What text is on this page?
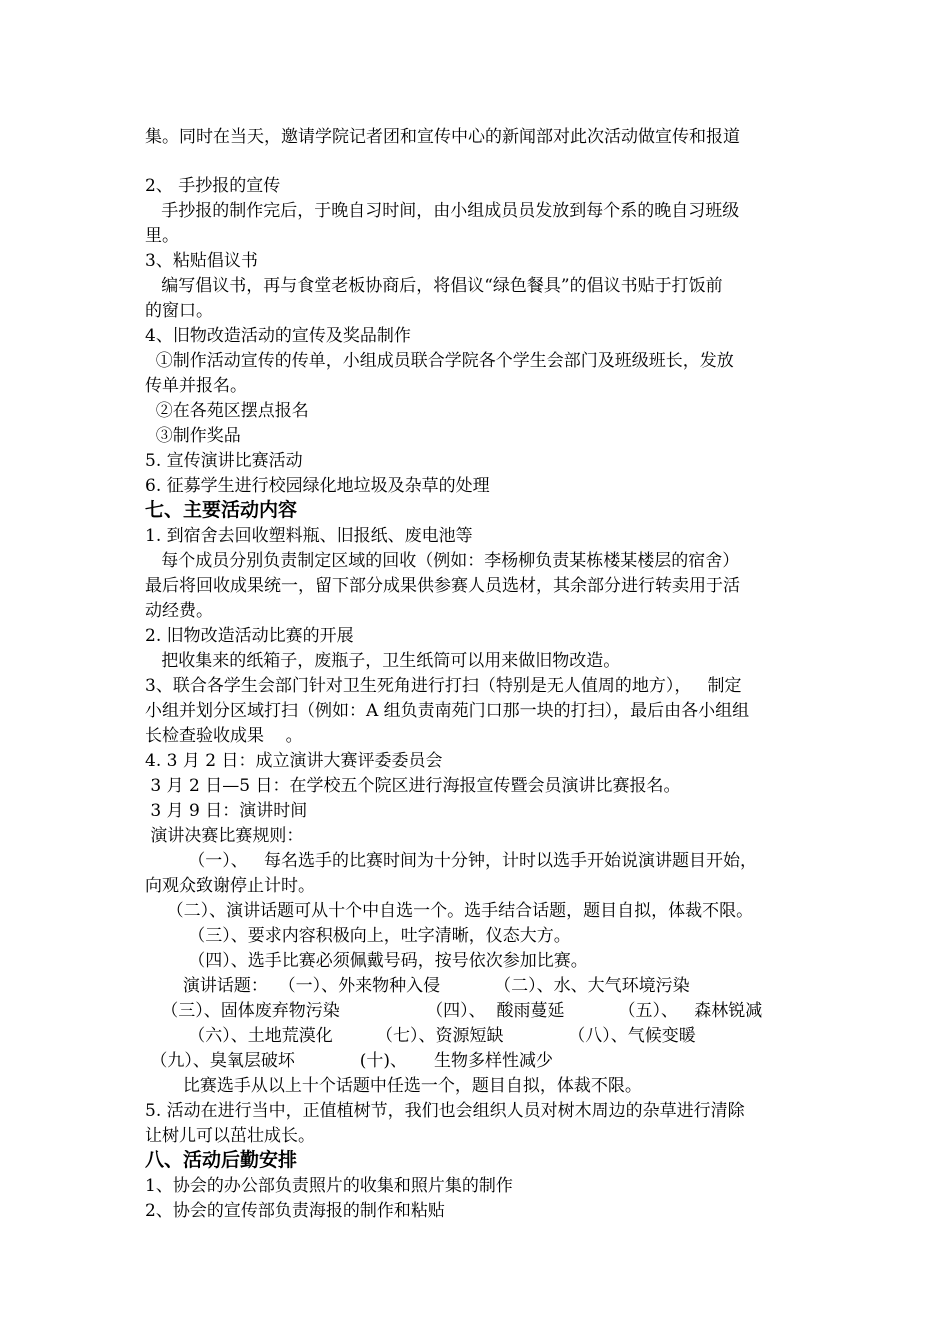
集。同时在当天，邀请学院记者团和宣传中心的新闻部对此次活动做宣传和报道
2、 手抄报的宣传
手抄报的制作完后，于晚自习时间，由小组成员员发放到每个系的晚自习班级
里。
3、粘贴倡议书
编写倡议书，再与食堂老板协商后，将倡议“绿色餐具”的倡议书贴于打饭前
的窗口。
4、旧物改造活动的宣传及奖品制作
①制作活动宣传的传单，小组成员联合学院各个学生会部门及班级班长，发放
传单并报名。
②在各苑区摆点报名
③制作奖品
5. 宣传演讲比赛活动
6. 征募学生进行校园绿化地垃圾及杂草的处理
七、主要活动内容
1. 到宿舍去回收塑料瓶、旧报纸、废电池等
每个成员分别负责制定区域的回收（例如：李杨柳负责某栋楼某楼层的宿舍）
最后将回收成果统一，留下部分成果供参赛人员选材，其余部分进行转卖用于活
动经费。
2. 旧物改造活动比赛的开展
把收集来的纸箱子，废瓶子，卫生纸筒可以用来做旧物改造。
3、联合各学生会部门针对卫生死角进行打扫（特别是无人值周的地方），   制定
小组并划分区域打扫（例如：A 组负责南苑门口那一块的打扫），最后由各小组组
长检查验收成果    。
4. 3 月 2 日：成立演讲大赛评委委员会
3 月 2 日—5 日：在学校五个院区进行海报宣传暨会员演讲比赛报名。
3 月 9 日：演讲时间
演讲决赛比赛规则：
（一）、   每名选手的比赛时间为十分钟，计时以选手开始说演讲题目开始，
向观众致谢停止计时。
（二）、演讲话题可从十个中自选一个。选手结合话题，题目自拟，体裁不限。
（三）、要求内容积极向上，吐字清晰，仪态大方。
（四）、选手比赛必须佩戴号码，按号依次参加比赛。
演讲话题：  （一）、外来物种入侵          （二）、水、大气环境污染
（三）、固体废弃物污染                （四）、  酸雨蔓延          （五）、   森林锐减
（六）、土地荒漠化        （七）、资源短缺            （八）、气候变暖
（九）、臭氧层破坏            (十)、     生物多样性减少
比赛选手从以上十个话题中任选一个，题目自拟，体裁不限。
5. 活动在进行当中，正值植树节，我们也会组织人员对树木周边的杂草进行清除
让树儿可以茁壮成长。
八、活动后勤安排
1、协会的办公部负责照片的收集和照片集的制作
2、协会的宣传部负责海报的制作和粘贴
